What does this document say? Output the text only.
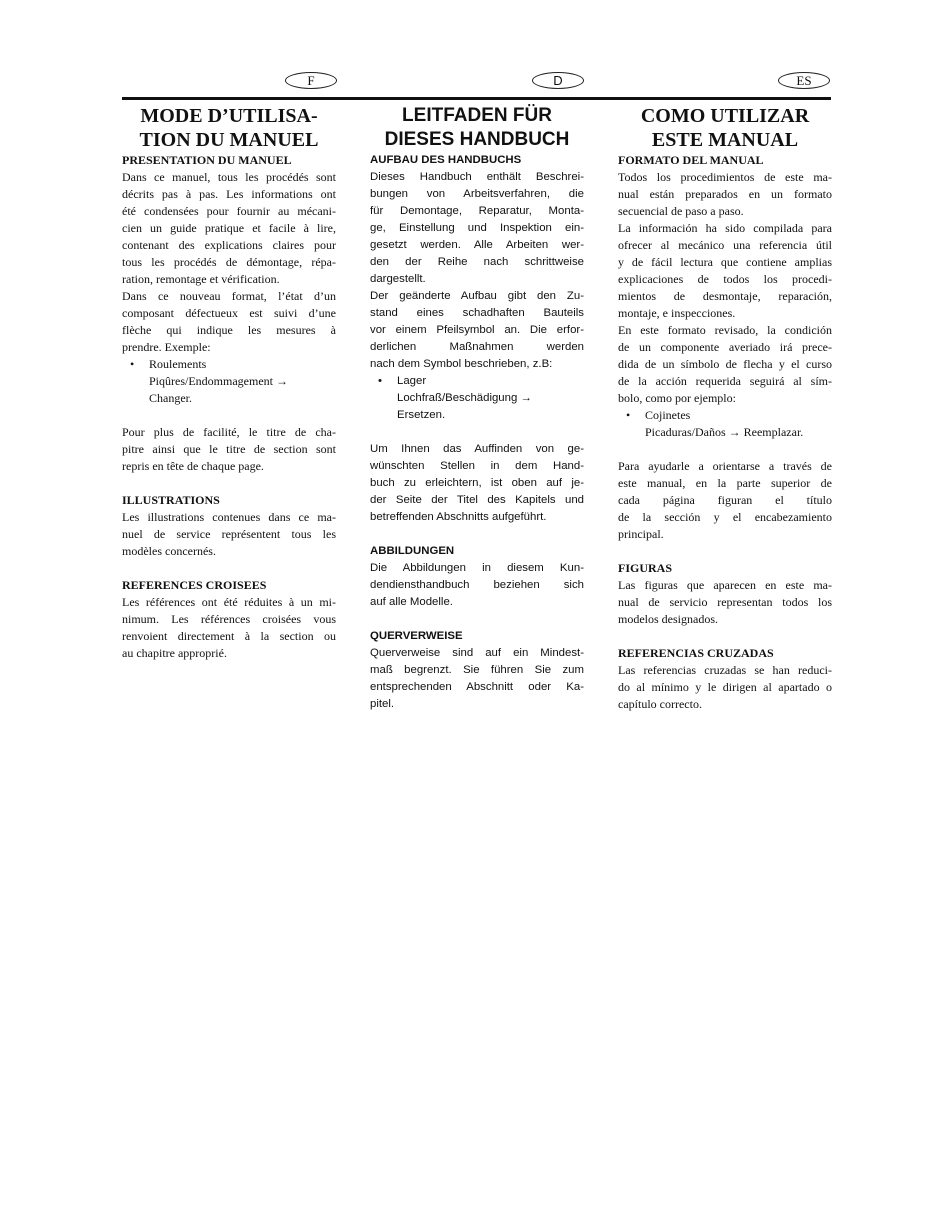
F	D	ES
MODE D’UTILISA-
TION DU MANUEL
PRESENTATION DU MANUEL
Dans ce manuel, tous les procédés sont
décrits pas à pas. Les informations ont
été condensées pour fournir au mécani-
cien un guide pratique et facile à lire,
contenant des explications claires pour
tous les procédés de démontage, répa-
ration, remontage et vérification.
Dans ce nouveau format, l’état d’un
composant défectueux est suivi d’une
flèche qui indique les mesures à
prendre. Exemple:
• Roulements
Piqûres/Endommagement →
Changer.
Pour plus de facilité, le titre de cha-
pitre ainsi que le titre de section sont
repris en tête de chaque page.
ILLUSTRATIONS
Les illustrations contenues dans ce ma-
nuel de service représentent tous les
modèles concernés.
REFERENCES CROISEES
Les références ont été réduites à un mi-
nimum. Les références croisées vous
renvoient directement à la section ou
au chapitre approprié.
LEITFADEN FÜR
DIESES HANDBUCH
AUFBAU DES HANDBUCHS
Dieses Handbuch enthält Beschrei-
bungen von Arbeitsverfahren, die
für Demontage, Reparatur, Monta-
ge, Einstellung und Inspektion ein-
gesetzt werden. Alle Arbeiten wer-
den der Reihe nach schrittweise
dargestellt.
Der geänderte Aufbau gibt den Zu-
stand eines schadhaften Bauteils
vor einem Pfeilsymbol an. Die erfor-
derlichen Maßnahmen werden
nach dem Symbol beschrieben, z.B:
• Lager
Lochfraß/Beschädigung →
Ersetzen.
Um Ihnen das Auffinden von ge-
wünschten Stellen in dem Hand-
buch zu erleichtern, ist oben auf je-
der Seite der Titel des Kapitels und
betreffenden Abschnitts aufgeführt.
ABBILDUNGEN
Die Abbildungen in diesem Kun-
dendiensthandbuch beziehen sich
auf alle Modelle.
QUERVERWEISE
Querverweise sind auf ein Mindest-
maß begrenzt. Sie führen Sie zum
entsprechenden Abschnitt oder Ka-
pitel.
COMO UTILIZAR
ESTE MANUAL
FORMATO DEL MANUAL
Todos los procedimientos de este ma-
nual están preparados en un formato
secuencial de paso a paso.
La información ha sido compilada para
ofrecer al mecánico una referencia útil
y de fácil lectura que contiene amplias
explicaciones de todos los procedi-
mientos de desmontaje, reparación,
montaje, e inspecciones.
En este formato revisado, la condición
de un componente averiado irá prece-
dida de un símbolo de flecha y el curso
de la acción requerida seguirá al sím-
bolo, como por ejemplo:
• Cojinetes
Picaduras/Daños → Reemplazar.
Para ayudarle a orientarse a través de
este manual, en la parte superior de
cada página figuran el título
de la sección y el encabezamiento
principal.
FIGURAS
Las figuras que aparecen en este ma-
nual de servicio representan todos los
modelos designados.
REFERENCIAS CRUZADAS
Las referencias cruzadas se han reduci-
do al mínimo y le dirigen al apartado o
capítulo correcto.
